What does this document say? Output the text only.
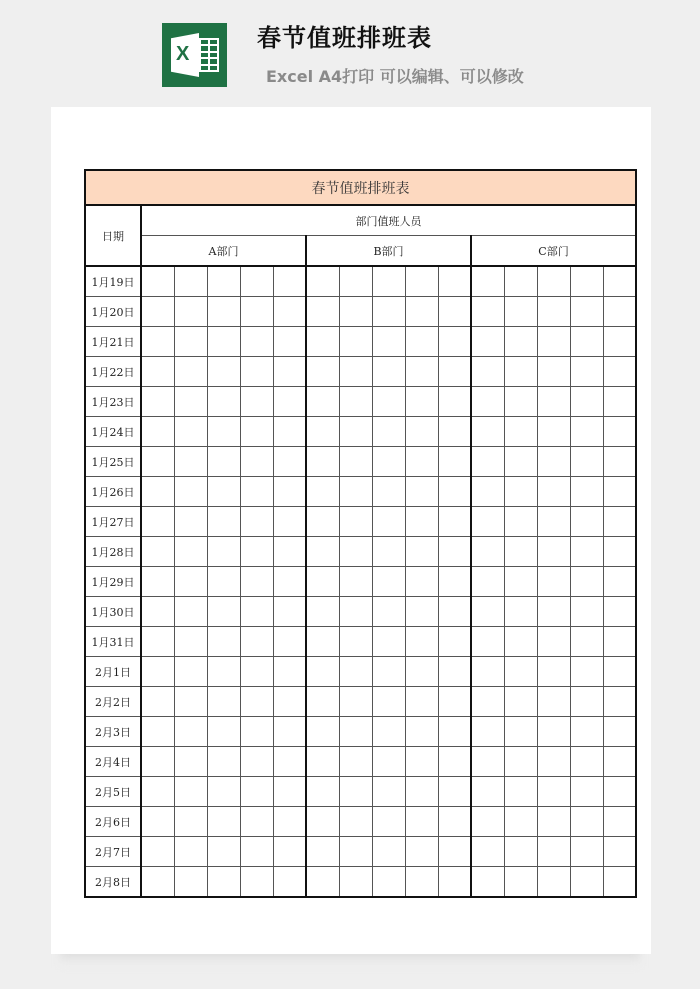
X
春节值班排班表
Excel A4打印 可以编辑、可以修改
春节值班排班表															
日期	部门值班人员														
	A部门					B部门					C部门				
1月19日															
1月20日															
1月21日															
1月22日															
1月23日															
1月24日															
1月25日															
1月26日															
1月27日															
1月28日															
1月29日															
1月30日															
1月31日															
2月1日															
2月2日															
2月3日															
2月4日															
2月5日															
2月6日															
2月7日															
2月8日															
